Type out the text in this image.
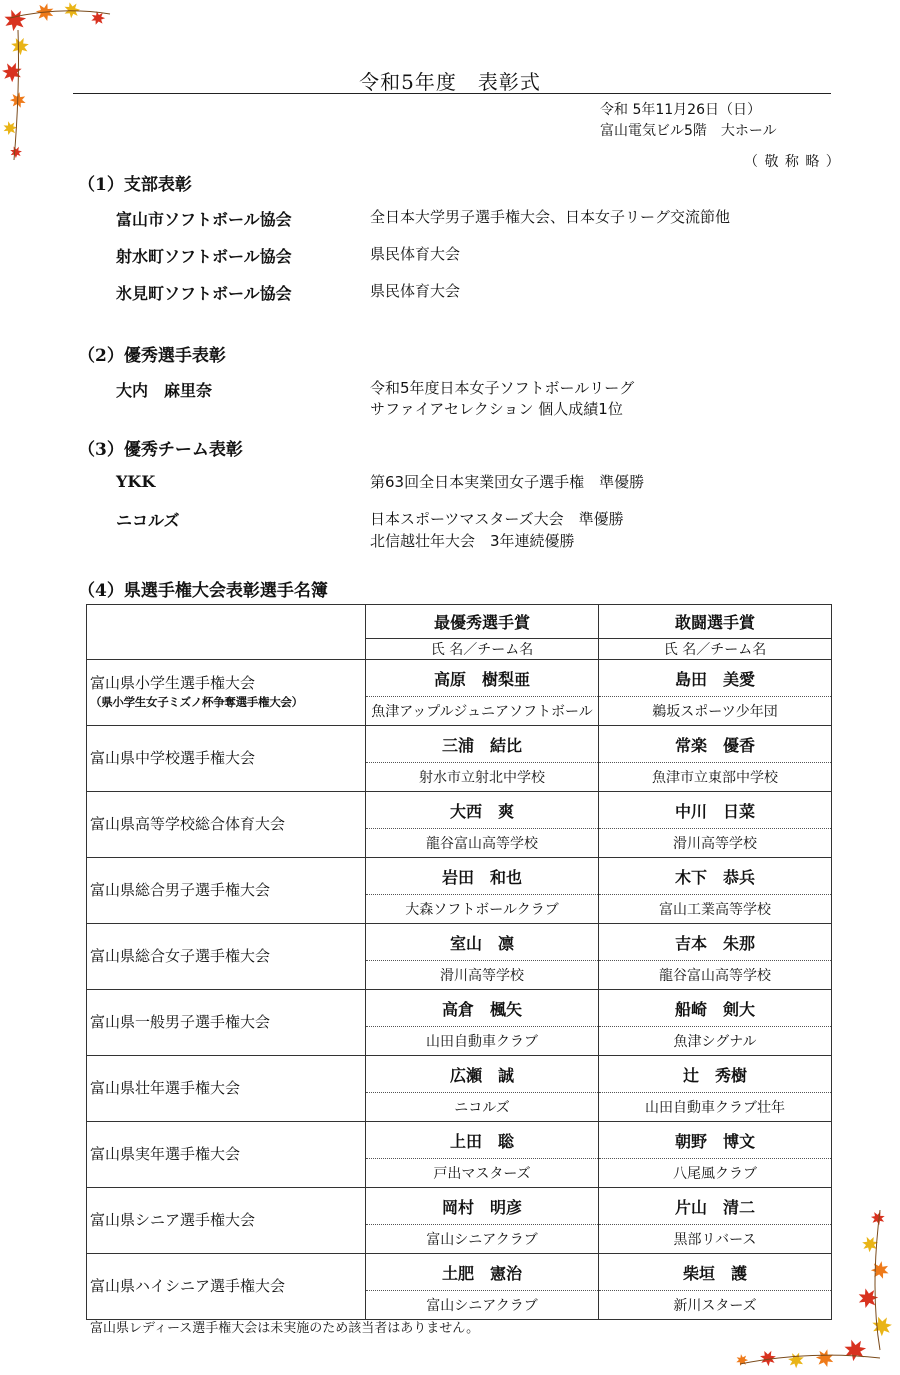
令和5年度　表彰式
令和 5年11月26日（日）
富山電気ビル5階　大ホール
（ 敬 称 略 ）
（1）支部表彰
富山市ソフトボール協会	全日本大学男子選手権大会、日本女子リーグ交流節他
射水町ソフトボール協会	県民体育大会
氷見町ソフトボール協会	県民体育大会
（2）優秀選手表彰
大内　麻里奈	令和5年度日本女子ソフトボールリーグ
サファイアセレクション 個人成績1位
（3）優秀チーム表彰
YKK	第63回全日本実業団女子選手権　準優勝
ニコルズ	日本スポーツマスターズ大会　準優勝
北信越壮年大会　3年連続優勝
（4）県選手権大会表彰選手名簿
	最優秀選手賞	敢闘選手賞
	氏 名／チーム名	氏 名／チーム名

富山県小学生選手権大会
（県小学生女子ミズノ杯争奪選手権大会）	高原　樹梨亜	島田　美愛
	魚津アップルジュニアソフトボール	鵜坂スポーツ少年団

富山県中学校選手権大会	三浦　結比	常楽　優香
	射水市立射北中学校	魚津市立東部中学校

富山県高等学校総合体育大会	大西　爽	中川　日菜
	龍谷富山高等学校	滑川高等学校

富山県総合男子選手権大会	岩田　和也	木下　恭兵
	大森ソフトボールクラブ	富山工業高等学校

富山県総合女子選手権大会	室山　凛	吉本　朱那
	滑川高等学校	龍谷富山高等学校

富山県一般男子選手権大会	高倉　楓矢	船崎　剣大
	山田自動車クラブ	魚津シグナル

富山県壮年選手権大会	広瀬　誠	辻　秀樹
	ニコルズ	山田自動車クラブ壮年

富山県実年選手権大会	上田　聡	朝野　博文
	戸出マスターズ	八尾風クラブ

富山県シニア選手権大会	岡村　明彦	片山　清二
	富山シニアクラブ	黒部リバース

富山県ハイシニア選手権大会	土肥　憲治	柴垣　護
	富山シニアクラブ	新川スターズ
富山県レディース選手権大会は未実施のため該当者はありません。
